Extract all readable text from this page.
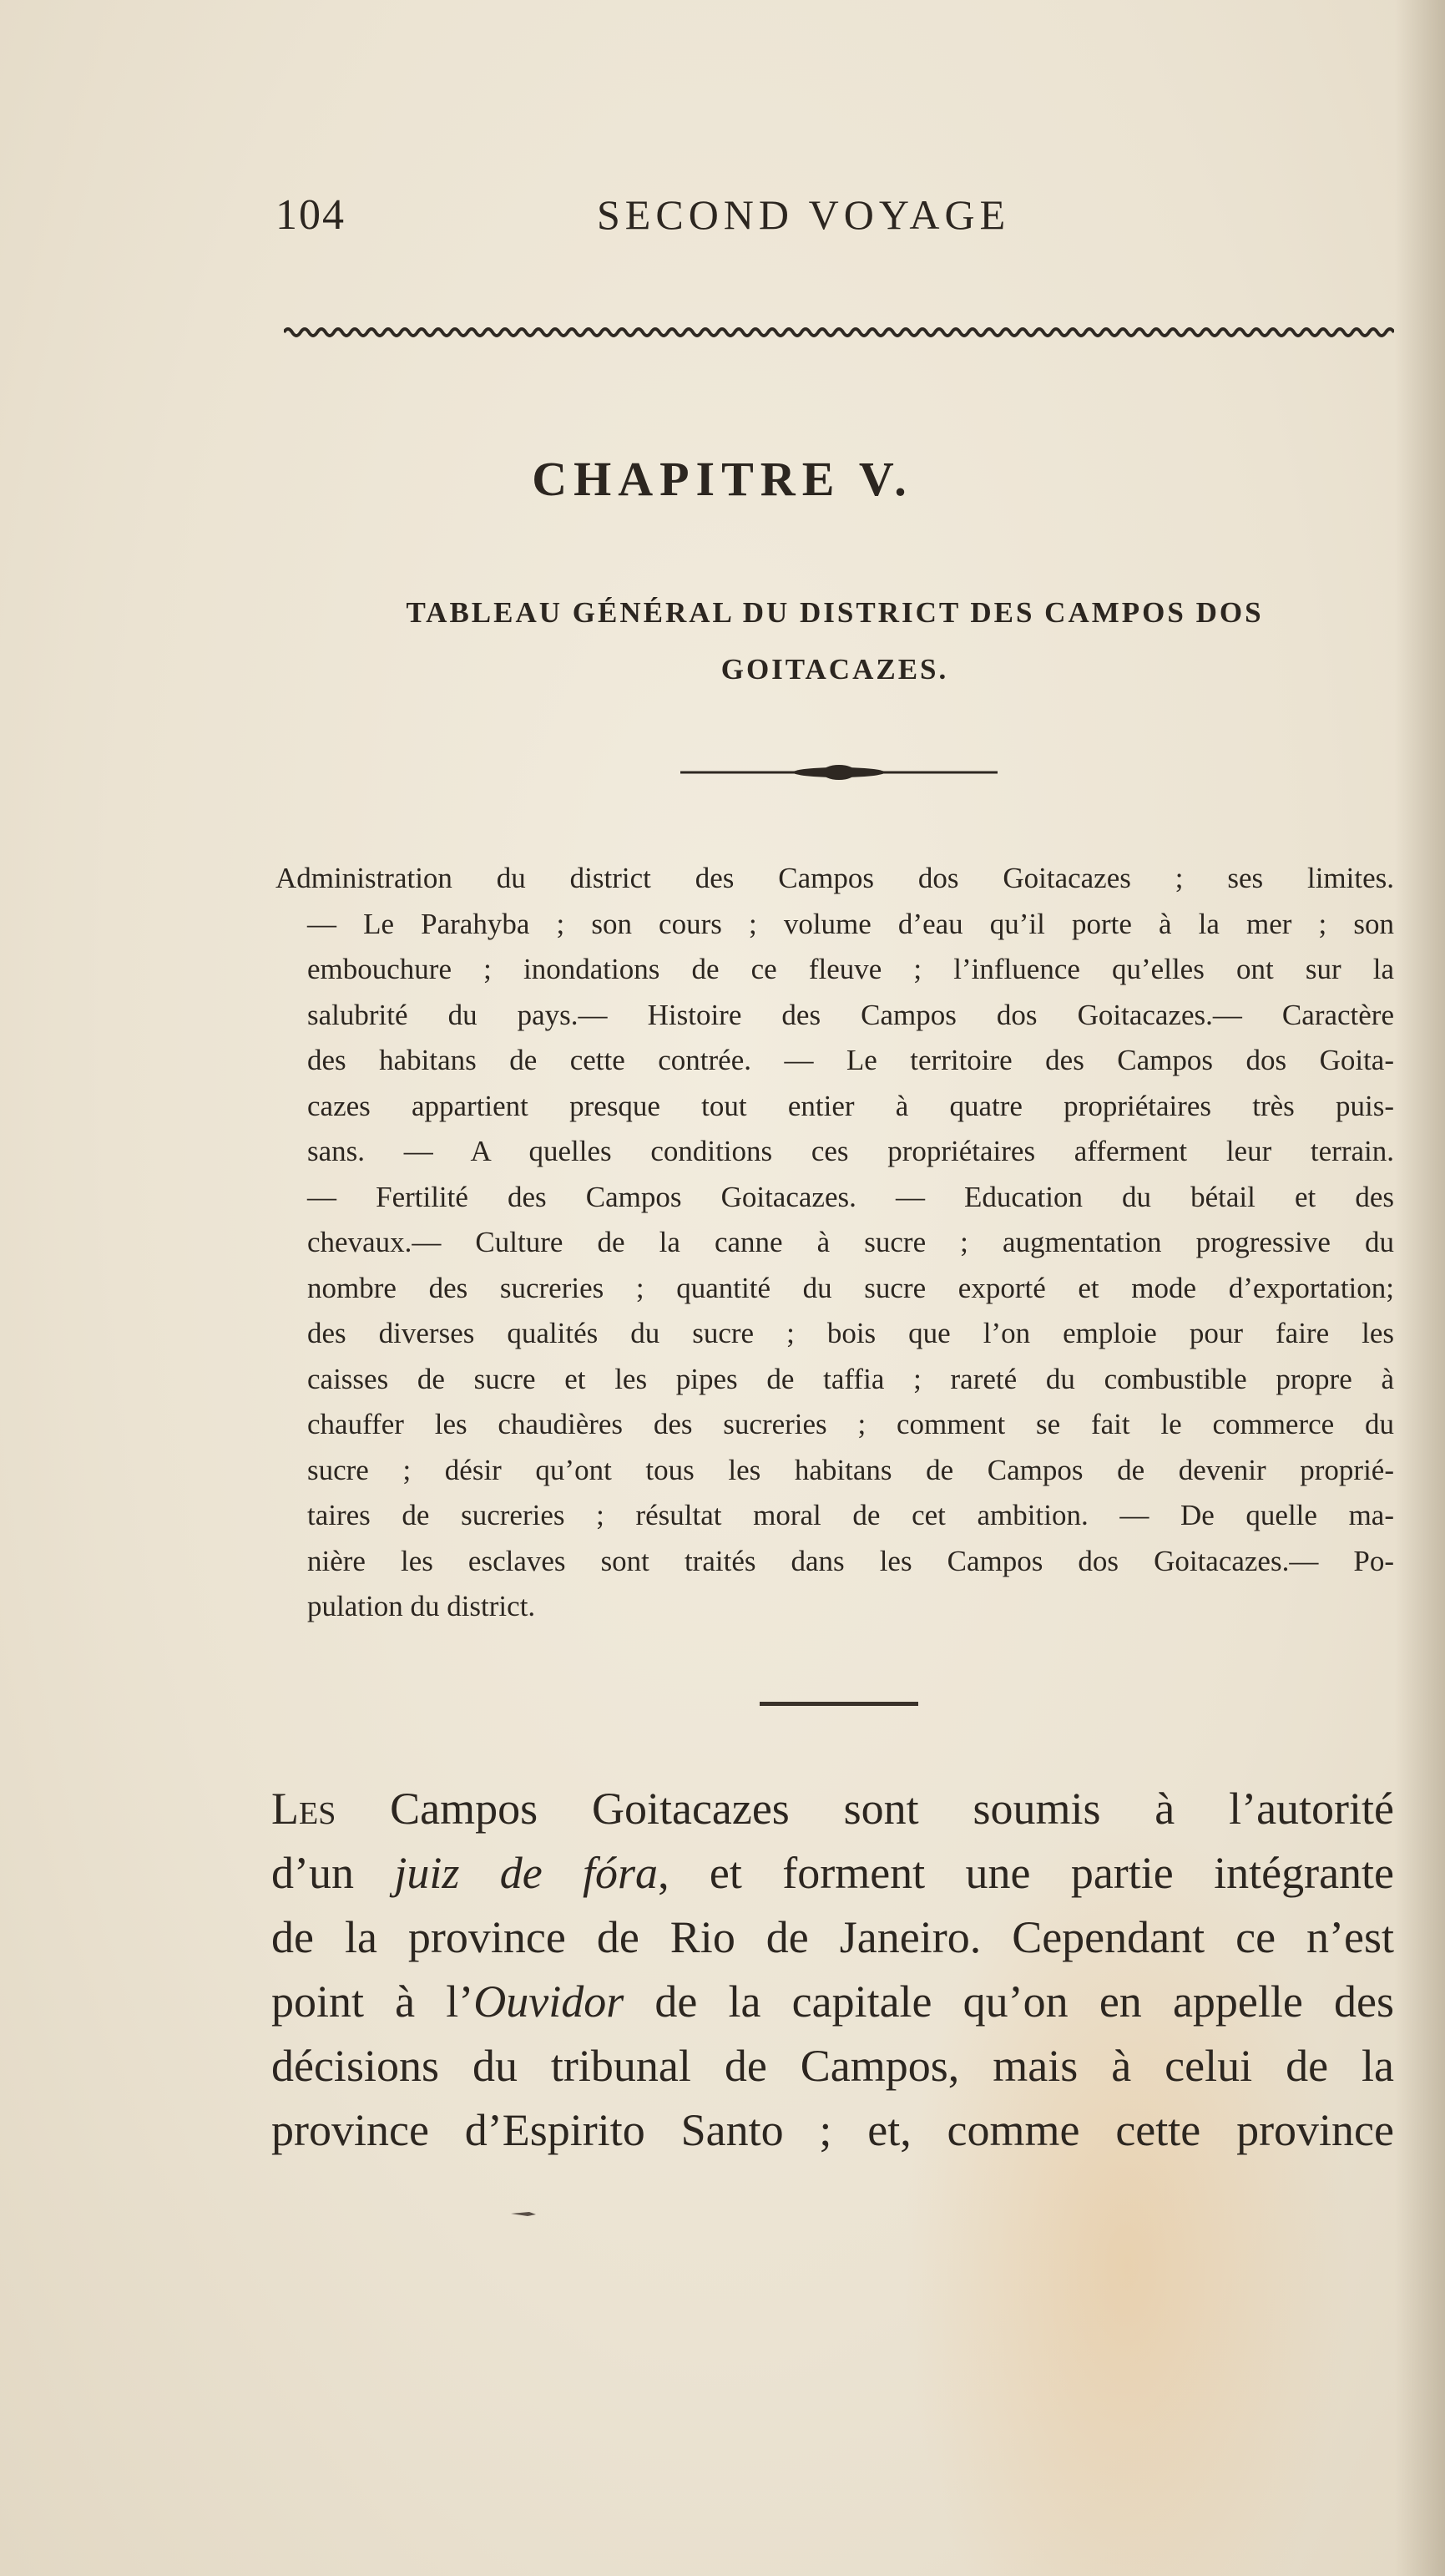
104	SECOND VOYAGE
CHAPITRE V.
TABLEAU GÉNÉRAL DU DISTRICT DES CAMPOS DOS
GOITACAZES.
Administration du district des Campos dos Goitacazes ; ses limites.
— Le Parahyba ; son cours ; volume d’eau qu’il porte à la mer ; son
embouchure ; inondations de ce fleuve ; l’influence qu’elles ont sur la
salubrité du pays.— Histoire des Campos dos Goitacazes.— Caractère
des habitans de cette contrée. — Le territoire des Campos dos Goita-
cazes appartient presque tout entier à quatre propriétaires très puis-
sans. — A quelles conditions ces propriétaires afferment leur terrain.
— Fertilité des Campos Goitacazes. — Education du bétail et des
chevaux.— Culture de la canne à sucre ; augmentation progressive du
nombre des sucreries ; quantité du sucre exporté et mode d’exportation;
des diverses qualités du sucre ; bois que l’on emploie pour faire les
caisses de sucre et les pipes de taffia ; rareté du combustible propre à
chauffer les chaudières des sucreries ; comment se fait le commerce du
sucre ; désir qu’ont tous les habitans de Campos de devenir proprié-
taires de sucreries ; résultat moral de cet ambition. — De quelle ma-
nière les esclaves sont traités dans les Campos dos Goitacazes.— Po-
pulation du district.
Les Campos Goitacazes sont soumis à l’autorité
d’un juiz de fóra, et forment une partie intégrante
de la province de Rio de Janeiro. Cependant ce n’est
point à l’Ouvidor de la capitale qu’on en appelle des
décisions du tribunal de Campos, mais à celui de la
province d’Espirito Santo ; et, comme cette province
